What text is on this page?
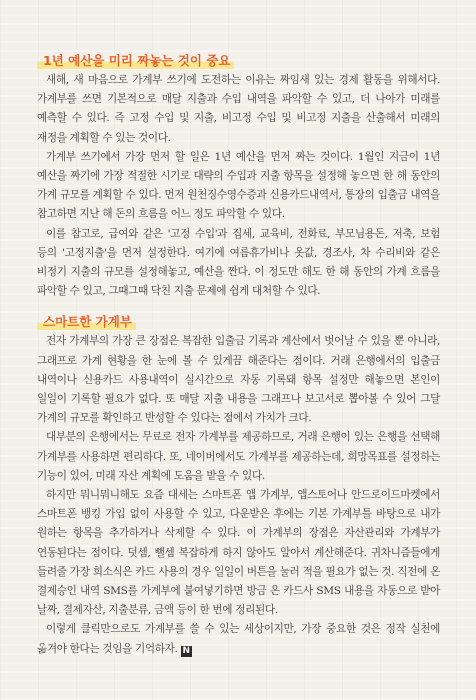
1년 예산을 미리 짜놓는 것이 중요

새해, 새 마음으로 가계부 쓰기에 도전하는 이유는 짜임새 있는 경제 활동을 위해서다. 가계부를 쓰면 기본적으로 매달 지출과 수입 내역을 파악할 수 있고, 더 나아가 미래를 예측할 수 있다. 즉 고정 수입 및 지출, 비고정 수입 및 비고정 지출을 산출해서 미래의 재정을 계획할 수 있는 것이다.

가계부 쓰기에서 가장 먼저 할 일은 1년 예산을 먼저 짜는 것이다. 1월인 지금이 1년 예산을 짜기에 가장 적절한 시기로 대략의 수입과 지출 항목을 설정해 놓으면 한 해 동안의 가계 규모를 계획할 수 있다. 먼저 원천징수영수증과 신용카드내역서, 통장의 입출금 내역을 참고하면 지난 해 돈의 흐름을 어느 정도 파악할 수 있다.

이를 참고로, 급여와 같은 '고정 수입'과 집세, 교육비, 전화료, 부모님용돈, 저축, 보험 등의 '고정지출'을 먼저 설정한다. 여기에 여름휴가비나 옷값, 경조사, 차 수리비와 같은 비정기 지출의 규모를 설정해놓고, 예산을 짠다. 이 정도만 해도 한 해 동안의 가계 흐름을 파악할 수 있고, 그때그때 닥친 지출 문제에 쉽게 대처할 수 있다.

스마트한 가계부

전자 가계부의 가장 큰 장점은 복잡한 입출금 기록과 계산에서 벗어날 수 있을 뿐 아니라, 그래프로 가계 현황을 한 눈에 볼 수 있게끔 해준다는 점이다. 거래 은행에서의 입출금 내역이나 신용카드 사용내역이 실시간으로 자동 기록돼 항목 설정만 해놓으면 본인이 일일이 기록할 필요가 없다. 또 매달 지출 내용을 그래프나 보고서로 뽑아볼 수 있어 그달 가계의 규모를 확인하고 반성할 수 있다는 점에서 가치가 크다.

대부분의 은행에서는 무료로 전자 가계부를 제공하므로, 거래 은행이 있는 은행을 선택해 가계부를 사용하면 편리하다. 또, 네이버에서도 가계부를 제공하는데, 희망목표를 설정하는 기능이 있어, 미래 자산 계획에 도움을 받을 수 있다.

하지만 뭐니뭐니해도 요즘 대세는 스마트폰 앱 가계부, 앱스토어나 안드로이드마켓에서 스마트폰 뱅킹 가입 없이 사용할 수 있고, 다운받은 후에는 기본 가계부틀 바탕으로 내가 원하는 항목을 추가하거나 삭제할 수 있다. 이 가계부의 장점은 자산관리와 가계부가 연동된다는 점이다. 덧셈, 뺄셈 복잡하게 하지 않아도 알아서 계산해준다. 귀차니즘들에게 들려줄 가장 희소식은 카드 사용의 경우 일일이 버튼을 눌러 적을 필요가 없는 것. 직전에 온 결제승인 내역 SMS를 가계부에 붙여넣기하면 방금 온 카드사 SMS 내용을 자동으로 받아 날짜, 결제자산, 지출분류, 금액 등이 한 번에 정리된다.

이렇게 클릭만으로도 가계부를 쓸 수 있는 세상이지만, 가장 중요한 것은 정작 실천에 옮겨야 한다는 것임을 기억하자. N
